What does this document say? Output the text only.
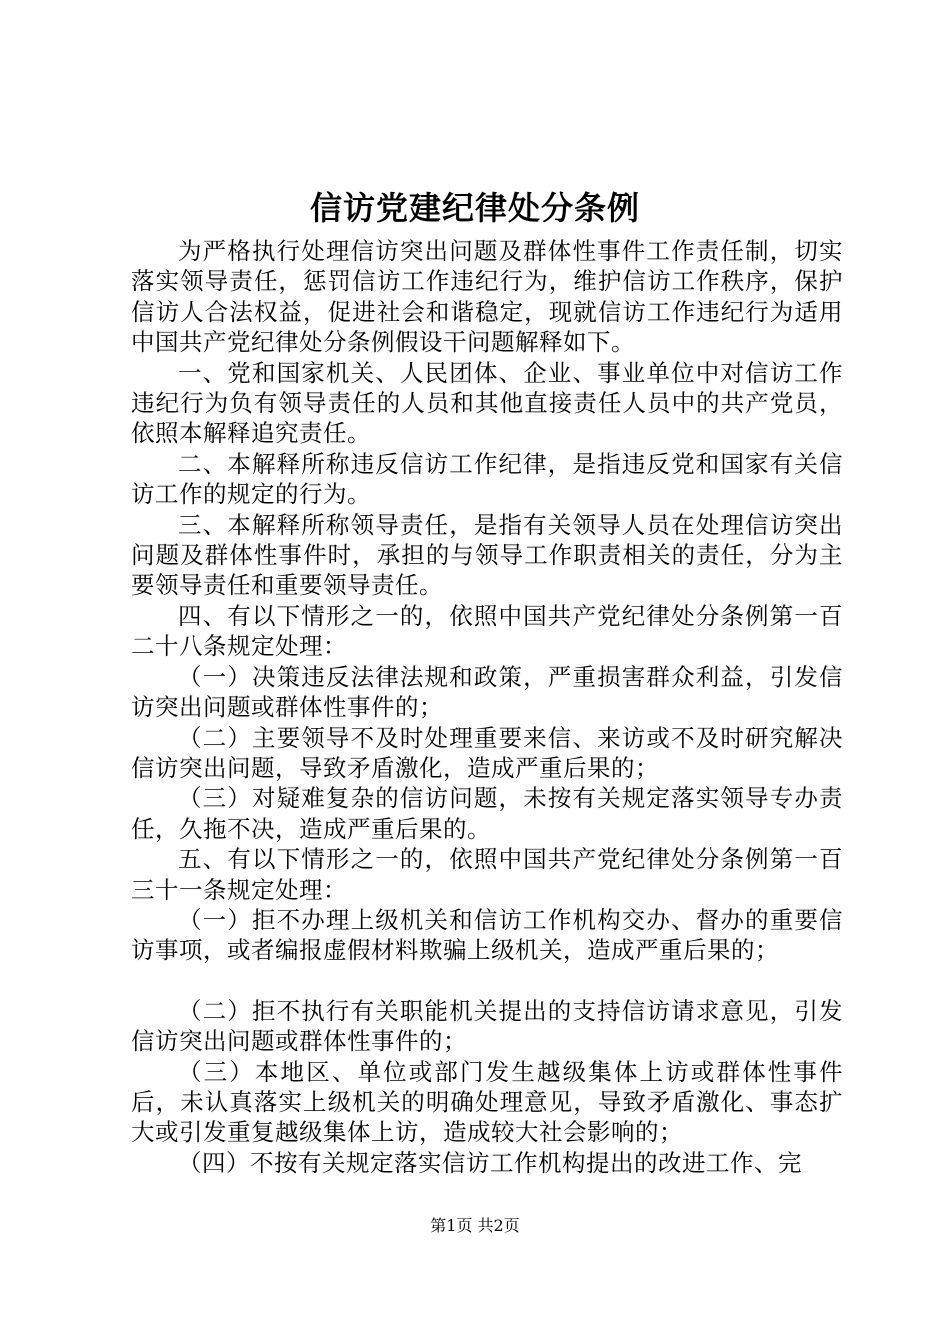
信访党建纪律处分条例

为严格执行处理信访突出问题及群体性事件工作责任制，切实落实领导责任，惩罚信访工作违纪行为，维护信访工作秩序，保护信访人合法权益，促进社会和谐稳定，现就信访工作违纪行为适用中国共产党纪律处分条例假设干问题解释如下。

一、党和国家机关、人民团体、企业、事业单位中对信访工作违纪行为负有领导责任的人员和其他直接责任人员中的共产党员，依照本解释追究责任。

二、本解释所称违反信访工作纪律，是指违反党和国家有关信访工作的规定的行为。

三、本解释所称领导责任，是指有关领导人员在处理信访突出问题及群体性事件时，承担的与领导工作职责相关的责任，分为主要领导责任和重要领导责任。

四、有以下情形之一的，依照中国共产党纪律处分条例第一百二十八条规定处理：

（一）决策违反法律法规和政策，严重损害群众利益，引发信访突出问题或群体性事件的；

（二）主要领导不及时处理重要来信、来访或不及时研究解决信访突出问题，导致矛盾激化，造成严重后果的；

（三）对疑难复杂的信访问题，未按有关规定落实领导专办责任，久拖不决，造成严重后果的。

五、有以下情形之一的，依照中国共产党纪律处分条例第一百三十一条规定处理：

（一）拒不办理上级机关和信访工作机构交办、督办的重要信访事项，或者编报虚假材料欺骗上级机关，造成严重后果的；

（二）拒不执行有关职能机关提出的支持信访请求意见，引发信访突出问题或群体性事件的；

（三）本地区、单位或部门发生越级集体上访或群体性事件后，未认真落实上级机关的明确处理意见，导致矛盾激化、事态扩大或引发重复越级集体上访，造成较大社会影响的；

（四）不按有关规定落实信访工作机构提出的改进工作、完

第1页 共2页
